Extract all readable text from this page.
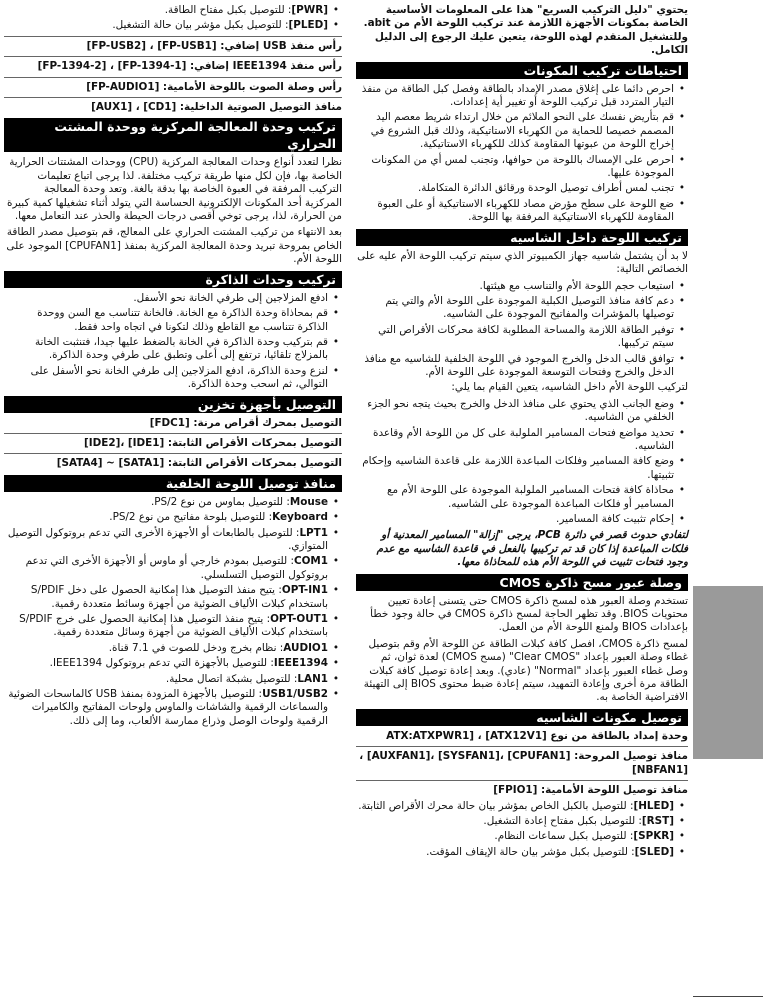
يحتوي "دليل التركيب السريع" هذا على المعلومات الأساسية الخاصة بمكونات الأجهزة اللازمة عند تركيب اللوحة الأم من abit. وللتشغيل المتقدم لهذه اللوحة، يتعين عليك الرجوع إلى الدليل الكامل.

احتياطات تركيب المكونات
• احرص دائما على إغلاق مصدر الإمداد بالطاقة وفصل كبل الطاقة من منفذ التيار المتردد قبل تركيب اللوحة أو تغيير أية إعدادات.
• قم بتأريض نفسك على النحو الملائم من خلال ارتداء شريط معصم اليد المصمم خصيصا للحماية من الكهرباء الاستاتيكية، وذلك قبل الشروع في إخراج اللوحة من عبوتها المقاومة كذلك للكهرباء الاستاتيكية.
• احرص على الإمساك باللوحة من حوافها، وتجنب لمس أي من المكونات الموجودة عليها.
• تجنب لمس أطراف توصيل الوحدة ورقائق الدائرة المتكاملة.
• ضع اللوحة على سطح مؤرض مصاد للكهرباء الاستاتيكية أو على العبوة المقاومة للكهرباء الاستاتيكية المرفقة بها اللوحة.
تركيب اللوحة داخل الشاسيه

لا بد أن يشتمل شاسيه جهاز الكمبيوتر الذي سيتم تركيب اللوحة الأم عليه على الخصائص التالية:

• استيعاب حجم اللوحة الأم والتناسب مع هيئتها.
• دعم كافة منافذ التوصيل الكبلية الموجودة على اللوحة الأم والتي يتم توصيلها بالمؤشرات والمفاتيح الموجودة على الشاسيه.
• توفير الطاقة اللازمة والمساحة المطلوبة لكافة محركات الأقراص التي سيتم تركيبها.
• توافق قالب الدخل والخرج الموجود في اللوحة الخلفية للشاسيه مع منافذ الدخل والخرج وفتحات التوسعة الموجودة على اللوحة الأم.

لتركيب اللوحة الأم داخل الشاسيه، يتعين القيام بما يلي:

• وضع الجانب الذي يحتوي على منافذ الدخل والخرج بحيث يتجه نحو الجزء الخلفي من الشاسيه.
• تحديد مواضع فتحات المسامير الملولبة على كل من اللوحة الأم وقاعدة الشاسيه.
• وضع كافة المسامير وفلكات المباعدة اللازمة على قاعدة الشاسيه وإحكام تثبيتها.
• محاذاة كافة فتحات المسامير الملولبة الموجودة على اللوحة الأم مع المسامير أو فلكات المباعدة الموجودة على الشاسيه.
• إحكام تثبيت كافة المسامير.

لتفادي حدوث قصر في دائرة PCB، يرجى "إزالة" المسامير المعدنية أو فلكات المباعدة إذا كان قد تم تركيبها بالفعل في قاعدة الشاسيه مع عدم وجود فتحات تثبيت في اللوحة الأم هذه للمحاذاة معها.

وصلة عبور مسح ذاكرة CMOS

تستخدم وصلة العبور هذه لمسح ذاكرة CMOS حتى يتسنى إعادة تعيين محتويات BIOS. وقد تظهر الحاجة لمسح ذاكرة CMOS في حالة وجود خطأ بإعدادات BIOS ولمنع اللوحة الأم من العمل.

لمسح ذاكرة CMOS، افصل كافة كبلات الطاقة عن اللوحة الأم وقم بتوصيل غطاء وصلة العبور بإعداد "Clear CMOS" (مسح CMOS) لعدة ثوان، ثم وصل غطاء العبور بإعداد "Normal" (عادي). وبعد إعادة توصيل كافة كبلات الطاقة مرة أخرى وإعادة التمهيد، سيتم إعادة ضبط محتوى BIOS إلى التهيئة الافتراضية الخاصة به.

توصيل مكونات الشاسيه
وحدة إمداد بالطاقة من نوع ATX:ATXPWR1] ، [ATX12V1]
منافذ توصيل المروحة: [CPUFAN1] ،[SYSFAN1] ،[AUXFAN1] ، [NBFAN1]
منافذ توصيل اللوحة الأمامية: [FPIO1]
• [HLED]: للتوصيل بالكبل الخاص بمؤشر بيان حالة محرك الأقراص الثابتة.
• [RST]: للتوصيل بكبل مفتاح إعادة التشغيل.
• [SPKR]: للتوصيل بكبل سماعات النظام.
• [SLED]: للتوصيل بكبل مؤشر بيان حالة الإيقاف المؤقت.
• [PWR]: للتوصيل بكبل مفتاح الطاقة.
• [PLED]: للتوصيل بكبل مؤشر بيان حالة التشغيل.
رأس منفذ USB إضافي: [FP-USB1] ، [FP-USB2]
رأس منفذ IEEE1394 إضافي: [FP-1394-1] ، [FP-1394-2]
رأس وصلة الصوت باللوحة الأمامية: [FP-AUDIO1]
منافذ التوصيل الصوتية الداخلية: [CD1] ، [AUX1]
تركيب وحدة المعالجة المركزية ووحدة المشتت الحراري

نظرا لتعدد أنواع وحدات المعالجة المركزية (CPU) ووحدات المشتتات الحرارية الخاصة بها، فإن لكل منها طريقة تركيب مختلفة. لذا يرجى اتباع تعليمات التركيب المرفقة في العبوة الخاصة بها بدقة بالغة. وتعد وحدة المعالجة المركزية أحد المكونات الإلكترونية الحساسة التي يتولد أثناء تشغيلها كمية كبيرة من الحرارة، لذا، يرجى توخي أقصى درجات الحيطة والحذر عند التعامل معها.

بعد الانتهاء من تركيب المشتت الحراري على المعالج، قم بتوصيل مصدر الطاقة الخاص بمروحة تبريد وحدة المعالجة المركزية بمنفذ [CPUFAN1] الموجود على اللوحة الأم.

تركيب وحدات الذاكرة
• ادفع المزلاجين إلى طرفي الخانة نحو الأسفل.
• قم بمحاذاة وحدة الذاكرة مع الخانة. فالخانة تتناسب مع السن ووحدة الذاكرة تتناسب مع القاطع وذلك لتكونا في اتجاه واحد فقط.
• قم بتركيب وحدة الذاكرة في الخانة بالضغط عليها جيدا، فتنثبت الخانة بالمزلاج تلقائيا، ترتفع إلى أعلى وتطبق على طرفي وحدة الذاكرة.
• لنزع وحدة الذاكرة، ادفع المزلاجين إلى طرفي الخانة نحو الأسفل على التوالي، ثم اسحب وحدة الذاكرة.
التوصيل بأجهزة تخزين
التوصيل بمحرك أقراص مرنة: [FDC1]
التوصيل بمحركات الأقراص الثابتة: [IDE1] ،[IDE2]
التوصيل بمحركات الأقراص الثابتة: [SATA1] ~ [SATA4]
منافذ توصيل اللوحة الخلفية
• Mouse: للتوصيل بماوس من نوع PS/2.
• Keyboard: للتوصيل بلوحة مفاتيح من نوع PS/2.
• LPT1: للتوصيل بالطابعات أو الأجهزة الأخرى التي تدعم بروتوكول التوصيل المتوازي.
• COM1: للتوصيل بمودم خارجي أو ماوس أو الأجهزة الأخرى التي تدعم بروتوكول التوصيل التسلسلي.
• OPT-IN1: يتيح منفذ التوصيل هذا إمكانية الحصول على دخل S/PDIF باستخدام كبلات الألياف الضوئية من أجهزة وسائط متعددة رقمية.
• OPT-OUT1: يتيح منفذ التوصيل هذا إمكانية الحصول على خرج S/PDIF باستخدام كبلات الألياف الضوئية من أجهزة وسائل متعددة رقمية.
• AUDIO1: نظام بخرج ودخل للصوت في 7.1 قناة.
• IEEE1394: للتوصيل بالأجهزة التي تدعم بروتوكول IEEE1394.
• LAN1: للتوصيل بشبكة اتصال محلية.
• USB1/USB2: للتوصيل بالأجهزة المزودة بمنفذ USB كالماسحات الضوئية والسماعات الرقمية والشاشات والماوس ولوحات المفاتيح والكاميرات الرقمية ولوحات الوصل وذراع ممارسة الألعاب، وما إلى ذلك.
